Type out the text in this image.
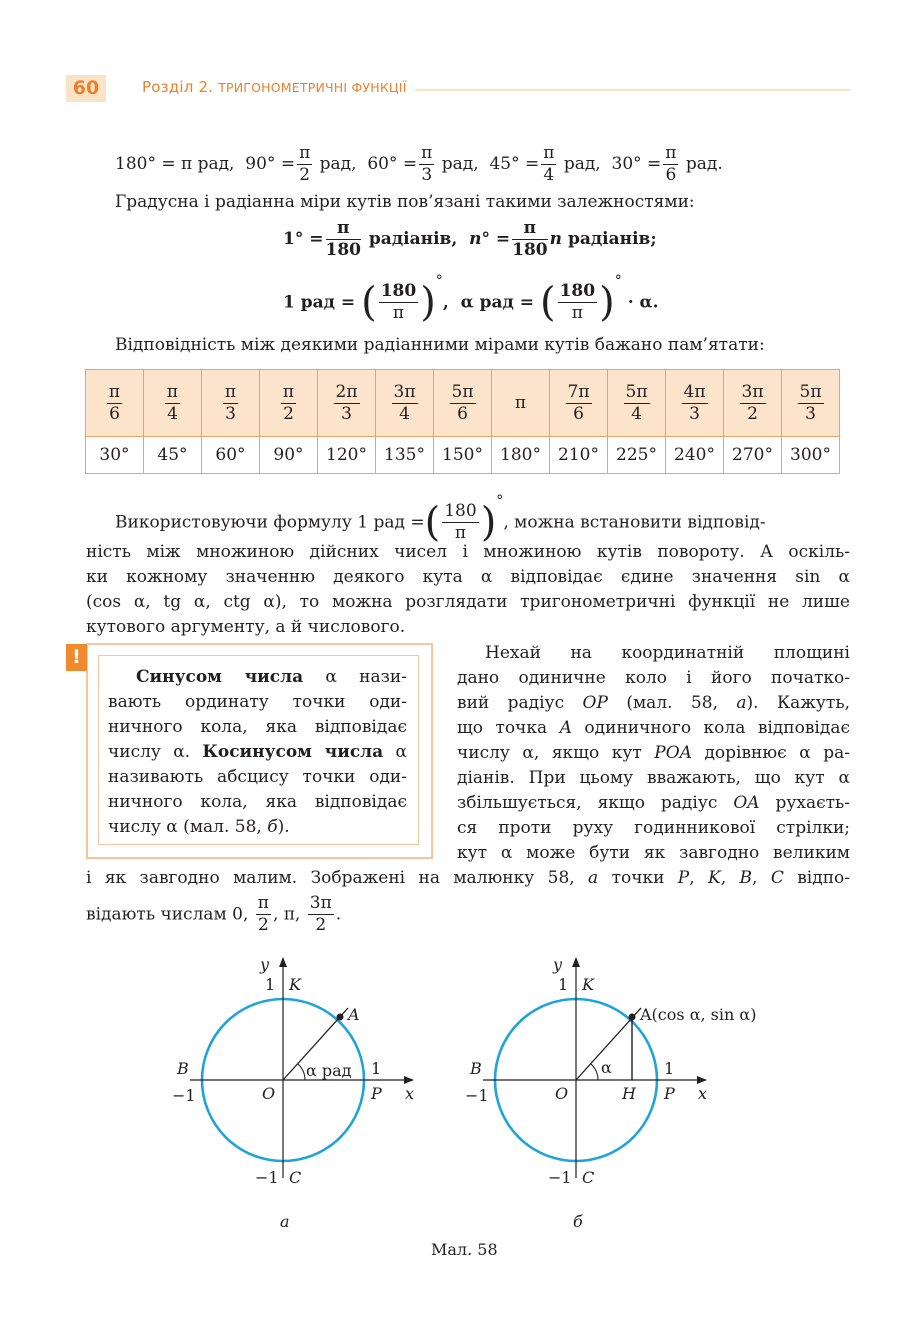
60	Розділ 2. ТРИГОНОМЕТРИЧНІ ФУНКЦІЇ
180° = π рад, $90^\circ = \frac{\pi}{2}$ рад, $60^\circ = \frac{\pi}{3}$ рад, $45^\circ = \frac{\pi}{4}$ рад, $30^\circ = \frac{\pi}{6}$ рад.
Градусна і радіанна міри кутів пов’язані такими залежностями:
$1^\circ = \frac{\pi}{180}$ радіанів, $n^\circ = \frac{\pi}{180}$ n радіанів;
1 рад = ( $\frac{180}{\pi} )^\circ$, α рад = ( $\frac{180}{\pi} )^\circ \cdot \alpha$.
Відповідність між деякими радіанними мірами кутів бажано пам’ятати:
$\frac{\pi}{6}$	$\frac{\pi}{4}$	$\frac{\pi}{3}$	$\frac{\pi}{2}$	$\frac{2\pi}{3}$	$\frac{3\pi}{4}$	$\frac{5\pi}{6}$	π	$\frac{7\pi}{6}$	$\frac{5\pi}{4}$	$\frac{4\pi}{3}$	$\frac{3\pi}{2}$	$\frac{5\pi}{3}$

30°	45°	60°	90°	120°	135°	150°	180°	210°	225°	240°	270°	300°
Використовуючи формулу 1 рад =( $\frac{180}{\pi} )^\circ$, можна встановити відповід-
ність між множиною дійсних чисел і множиною кутів повороту. А оскіль-
ки кожному значенню деякого кута α відповідає єдине значення sin α
(cos α, tg α, ctg α), то можна розглядати тригонометричні функції не лише
кутового аргументу, а й числового.
!
Синусом числа α нази-
вають ординату точки оди-
ничного кола, яка відповідає
числу α. Косинусом числа α
називають абсцису точки оди-
ничного кола, яка відповідає
числу α (мал. 58, б).
Нехай на координатній площині
дано одиничне коло і його початко-
вий радіус OP (мал. 58, а). Кажуть,
що точка A одиничного кола відповідає
числу α, якщо кут POA дорівнює α ра-
діанів. При цьому вважають, що кут α
збільшується, якщо радіус OA рухаєть-
ся проти руху годинникової стрілки;
кут α може бути як завгодно великим
і як завгодно малим. Зображені на малюнку 58, а точки P, K, B, C відпо-
відають числам 0, $\frac{\pi}{2}$ , π, $\frac{3\pi}{2}$ .
y
1 K
A
α рад
B	1
−1	O	P x
−1 C
а
y
1 K
A(cos α, sin α)
α
B	1
−1	O	H P x
−1 C
б
Мал. 58
